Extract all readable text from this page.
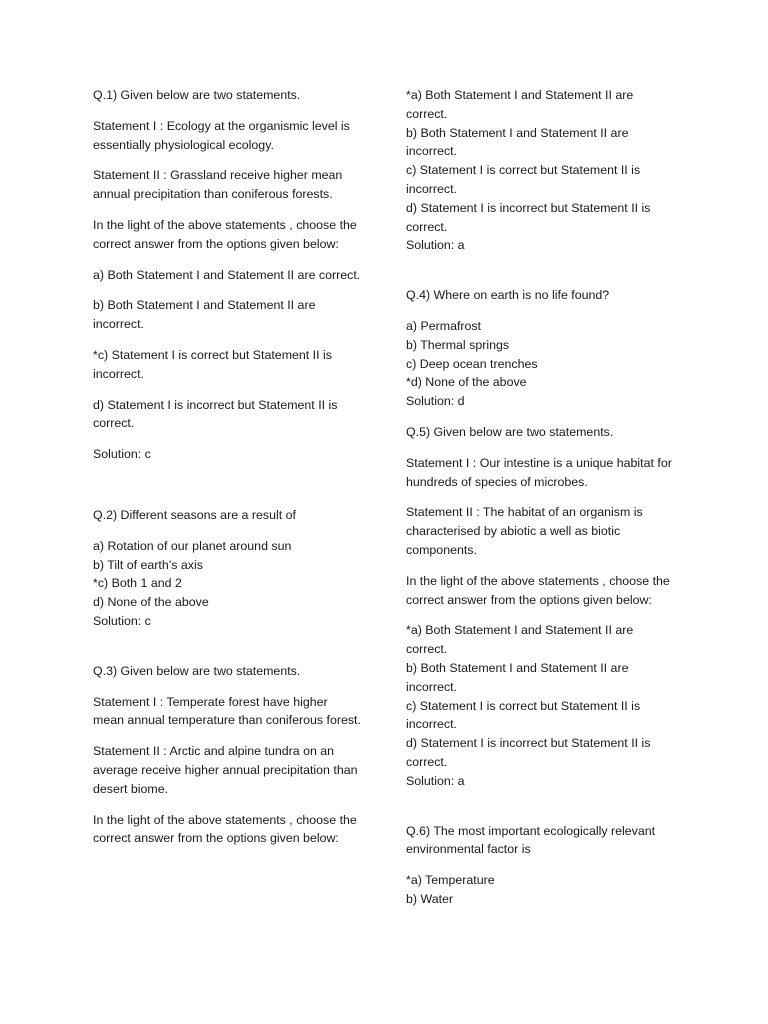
Q.1) Given below are two statements.

Statement I : Ecology at the organismic level is essentially physiological ecology.

Statement II : Grassland receive higher mean annual precipitation than coniferous forests.

In the light of the above statements , choose the correct answer from the options given below:

a) Both Statement I and Statement II are correct.

b) Both Statement I and Statement II are incorrect.

*c) Statement I is correct but Statement II is incorrect.

d) Statement I is incorrect but Statement II is correct.

Solution: c

Q.2) Different seasons are a result of

a) Rotation of our planet around sun
b) Tilt of earth’s axis
*c) Both 1 and 2
d) None of the above
Solution: c

Q.3) Given below are two statements.

Statement I : Temperate forest have higher mean annual temperature than coniferous forest.

Statement II : Arctic and alpine tundra on an average receive higher annual precipitation than desert biome.

In the light of the above statements , choose the correct answer from the options given below:

*a) Both Statement I and Statement II are correct.
b) Both Statement I and Statement II are incorrect.
c) Statement I is correct but Statement II is incorrect.
d) Statement I is incorrect but Statement II is correct.
Solution: a

Q.4) Where on earth is no life found?

a) Permafrost
b) Thermal springs
c) Deep ocean trenches
*d) None of the above
Solution: d

Q.5) Given below are two statements.

Statement I : Our intestine is a unique habitat for hundreds of species of microbes.

Statement II : The habitat of an organism is characterised by abiotic a well as biotic components.

In the light of the above statements , choose the correct answer from the options given below:

*a) Both Statement I and Statement II are correct.
b) Both Statement I and Statement II are incorrect.
c) Statement I is correct but Statement II is incorrect.
d) Statement I is incorrect but Statement II is correct.
Solution: a

Q.6) The most important ecologically relevant environmental factor is

*a) Temperature
b) Water
